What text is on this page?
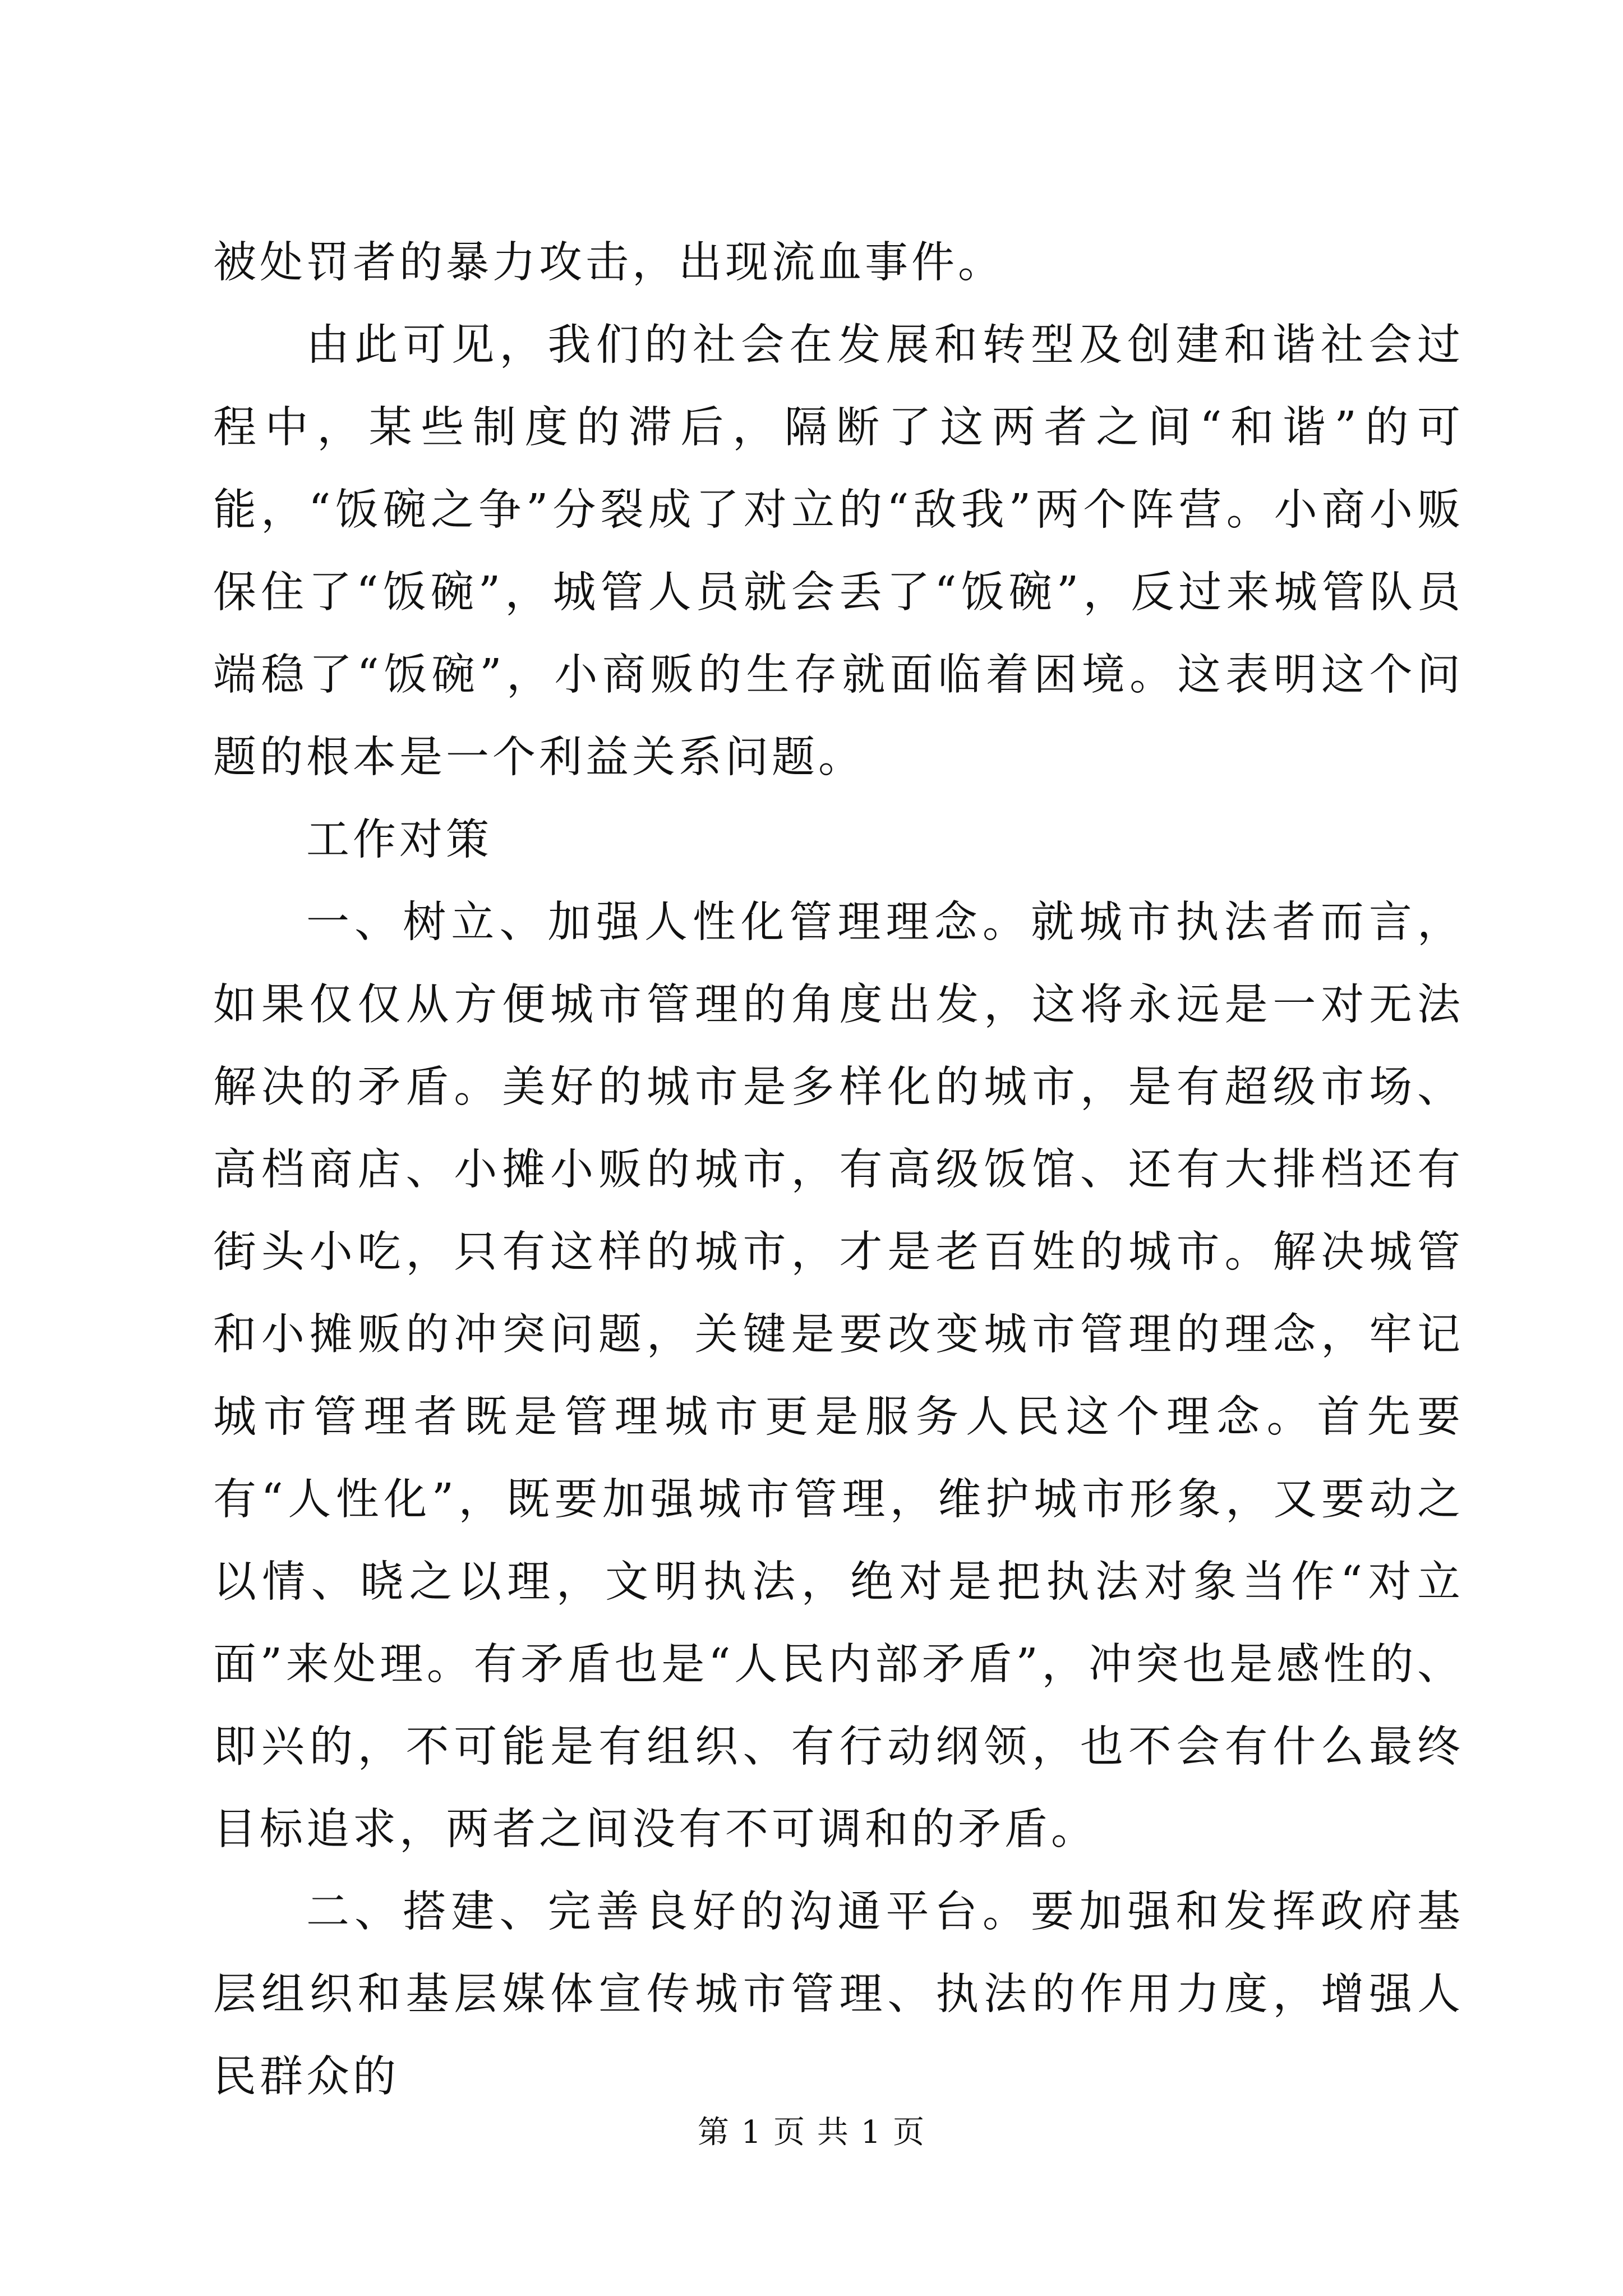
被处罚者的暴力攻击，出现流血事件。

由此可见，我们的社会在发展和转型及创建和谐社会过程中，某些制度的滞后，隔断了这两者之间“和谐”的可能，“饭碗之争”分裂成了对立的“敌我”两个阵营。小商小贩保住了“饭碗”，城管人员就会丢了“饭碗”，反过来城管队员端稳了“饭碗”，小商贩的生存就面临着困境。这表明这个问题的根本是一个利益关系问题。

工作对策

一、树立、加强人性化管理理念。就城市执法者而言，如果仅仅从方便城市管理的角度出发，这将永远是一对无法解决的矛盾。美好的城市是多样化的城市，是有超级市场、高档商店、小摊小贩的城市，有高级饭馆、还有大排档还有街头小吃，只有这样的城市，才是老百姓的城市。解决城管和小摊贩的冲突问题，关键是要改变城市管理的理念，牢记城市管理者既是管理城市更是服务人民这个理念。首先要有“人性化”，既要加强城市管理，维护城市形象，又要动之以情、晓之以理，文明执法，绝对是把执法对象当作“对立面”来处理。有矛盾也是“人民内部矛盾”，冲突也是感性的、即兴的，不可能是有组织、有行动纲领，也不会有什么最终目标追求，两者之间没有不可调和的矛盾。

二、搭建、完善良好的沟通平台。要加强和发挥政府基层组织和基层媒体宣传城市管理、执法的作用力度，增强人民群众的

第 1 页 共 1 页
